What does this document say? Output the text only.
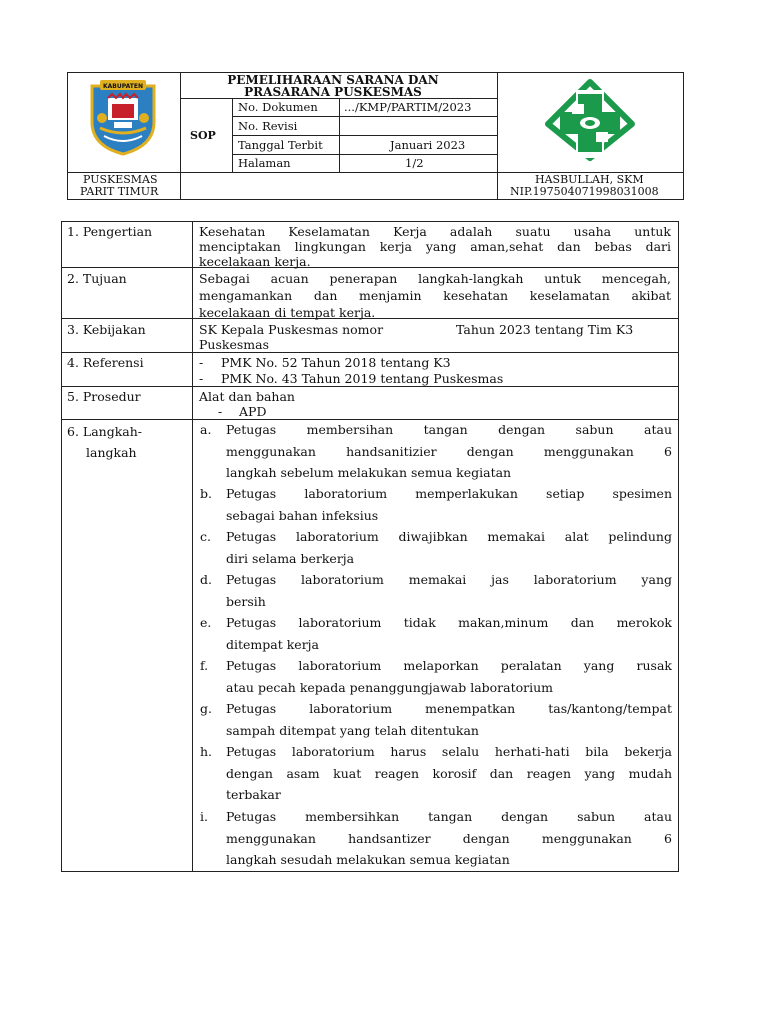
KABUPATEN	PEMELIHARAAN SARANA DAN
PRASARANA PUSKESMAS
SOP
No. Dokumen .../KMP/PARTIM/2023
No. Revisi
Tanggal Terbit	Januari 2023
Halaman	1/2
PUSKESMAS
PARIT TIMUR
HASBULLAH, SKM
NIP.197504071998031008
1. Pengertian	Kesehatan Keselamatan Kerja adalah suatu usaha untuk
menciptakan lingkungan kerja yang aman,sehat dan bebas dari
kecelakaan kerja.
2. Tujuan	Sebagai acuan penerapan langkah-langkah untuk mencegah,
mengamankan dan menjamin kesehatan keselamatan akibat
kecelakaan di tempat kerja.
3. Kebijakan	SK Kepala Puskesmas nomor	Tahun 2023 tentang Tim K3
Puskesmas
4. Referensi	- PMK No. 52 Tahun 2018 tentang K3
- PMK No. 43 Tahun 2019 tentang Puskesmas
5. Prosedur	Alat dan bahan
- APD
6. Langkah-
langkah
a. Petugas membersihan tangan dengan sabun atau
menggunakan handsanitizier dengan menggunakan 6
langkah sebelum melakukan semua kegiatan
b. Petugas laboratorium memperlakukan setiap spesimen
sebagai bahan infeksius
c. Petugas laboratorium diwajibkan memakai alat pelindung
diri selama berkerja
d. Petugas laboratorium memakai jas laboratorium yang
bersih
e. Petugas laboratorium tidak makan,minum dan merokok
ditempat kerja
f. Petugas laboratorium melaporkan peralatan yang rusak
atau pecah kepada penanggungjawab laboratorium
g. Petugas laboratorium menempatkan tas/kantong/tempat
sampah ditempat yang telah ditentukan
h. Petugas laboratorium harus selalu herhati-hati bila bekerja
dengan asam kuat reagen korosif dan reagen yang mudah
terbakar
i. Petugas membersihkan tangan dengan sabun atau
menggunakan handsantizer dengan menggunakan 6
langkah sesudah melakukan semua kegiatan
